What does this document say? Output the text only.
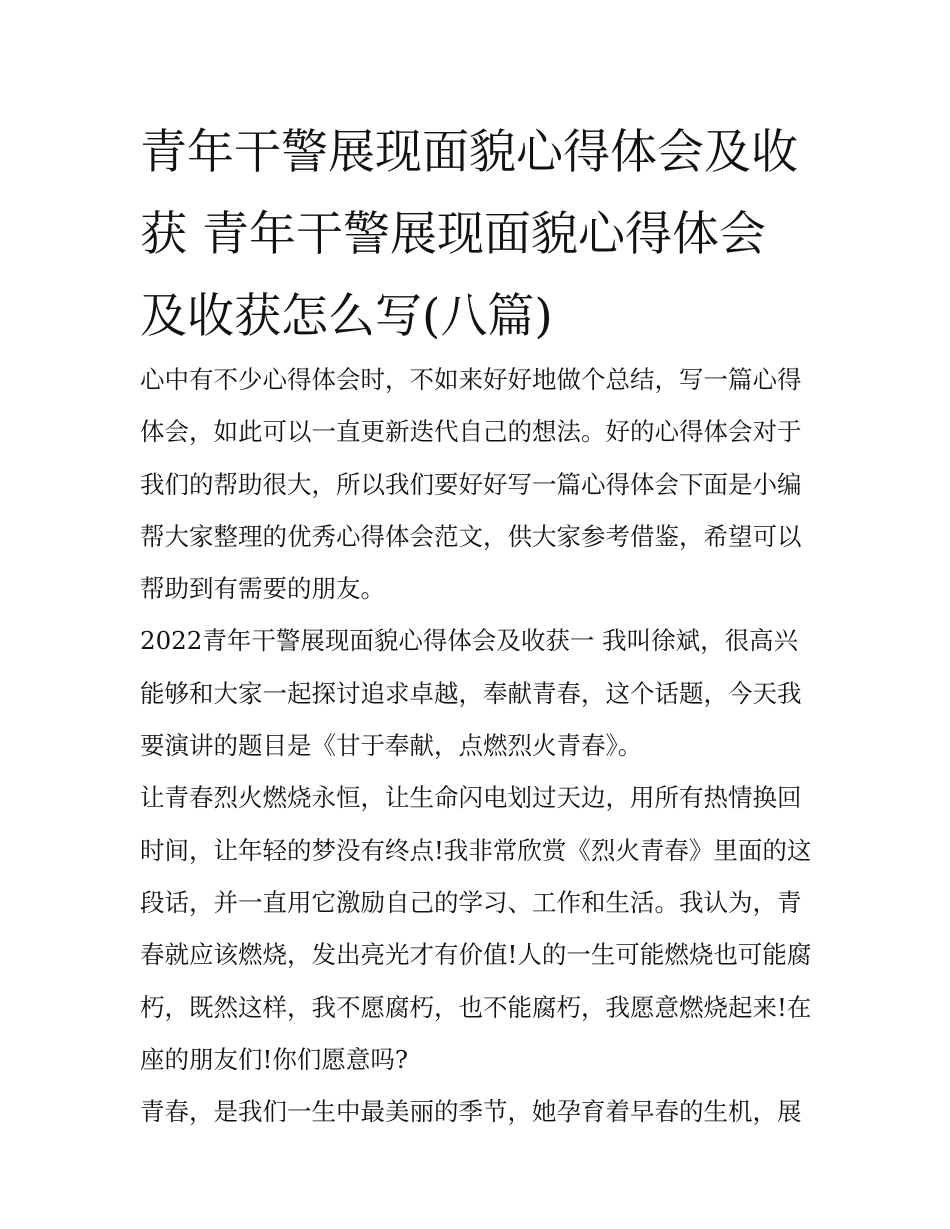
青年干警展现面貌心得体会及收获 青年干警展现面貌心得体会及收获怎么写(八篇)

心中有不少心得体会时，不如来好好地做个总结，写一篇心得体会，如此可以一直更新迭代自己的想法。好的心得体会对于我们的帮助很大，所以我们要好好写一篇心得体会下面是小编帮大家整理的优秀心得体会范文，供大家参考借鉴，希望可以帮助到有需要的朋友。

2022青年干警展现面貌心得体会及收获一 我叫徐斌，很高兴能够和大家一起探讨追求卓越，奉献青春，这个话题，今天我要演讲的题目是《甘于奉献，点燃烈火青春》。

让青春烈火燃烧永恒，让生命闪电划过天边，用所有热情换回时间，让年轻的梦没有终点!我非常欣赏《烈火青春》里面的这段话，并一直用它激励自己的学习、工作和生活。我认为，青春就应该燃烧，发出亮光才有价值!人的一生可能燃烧也可能腐朽，既然这样，我不愿腐朽，也不能腐朽，我愿意燃烧起来!在座的朋友们!你们愿意吗?

青春，是我们一生中最美丽的季节，她孕育着早春的生机，展
